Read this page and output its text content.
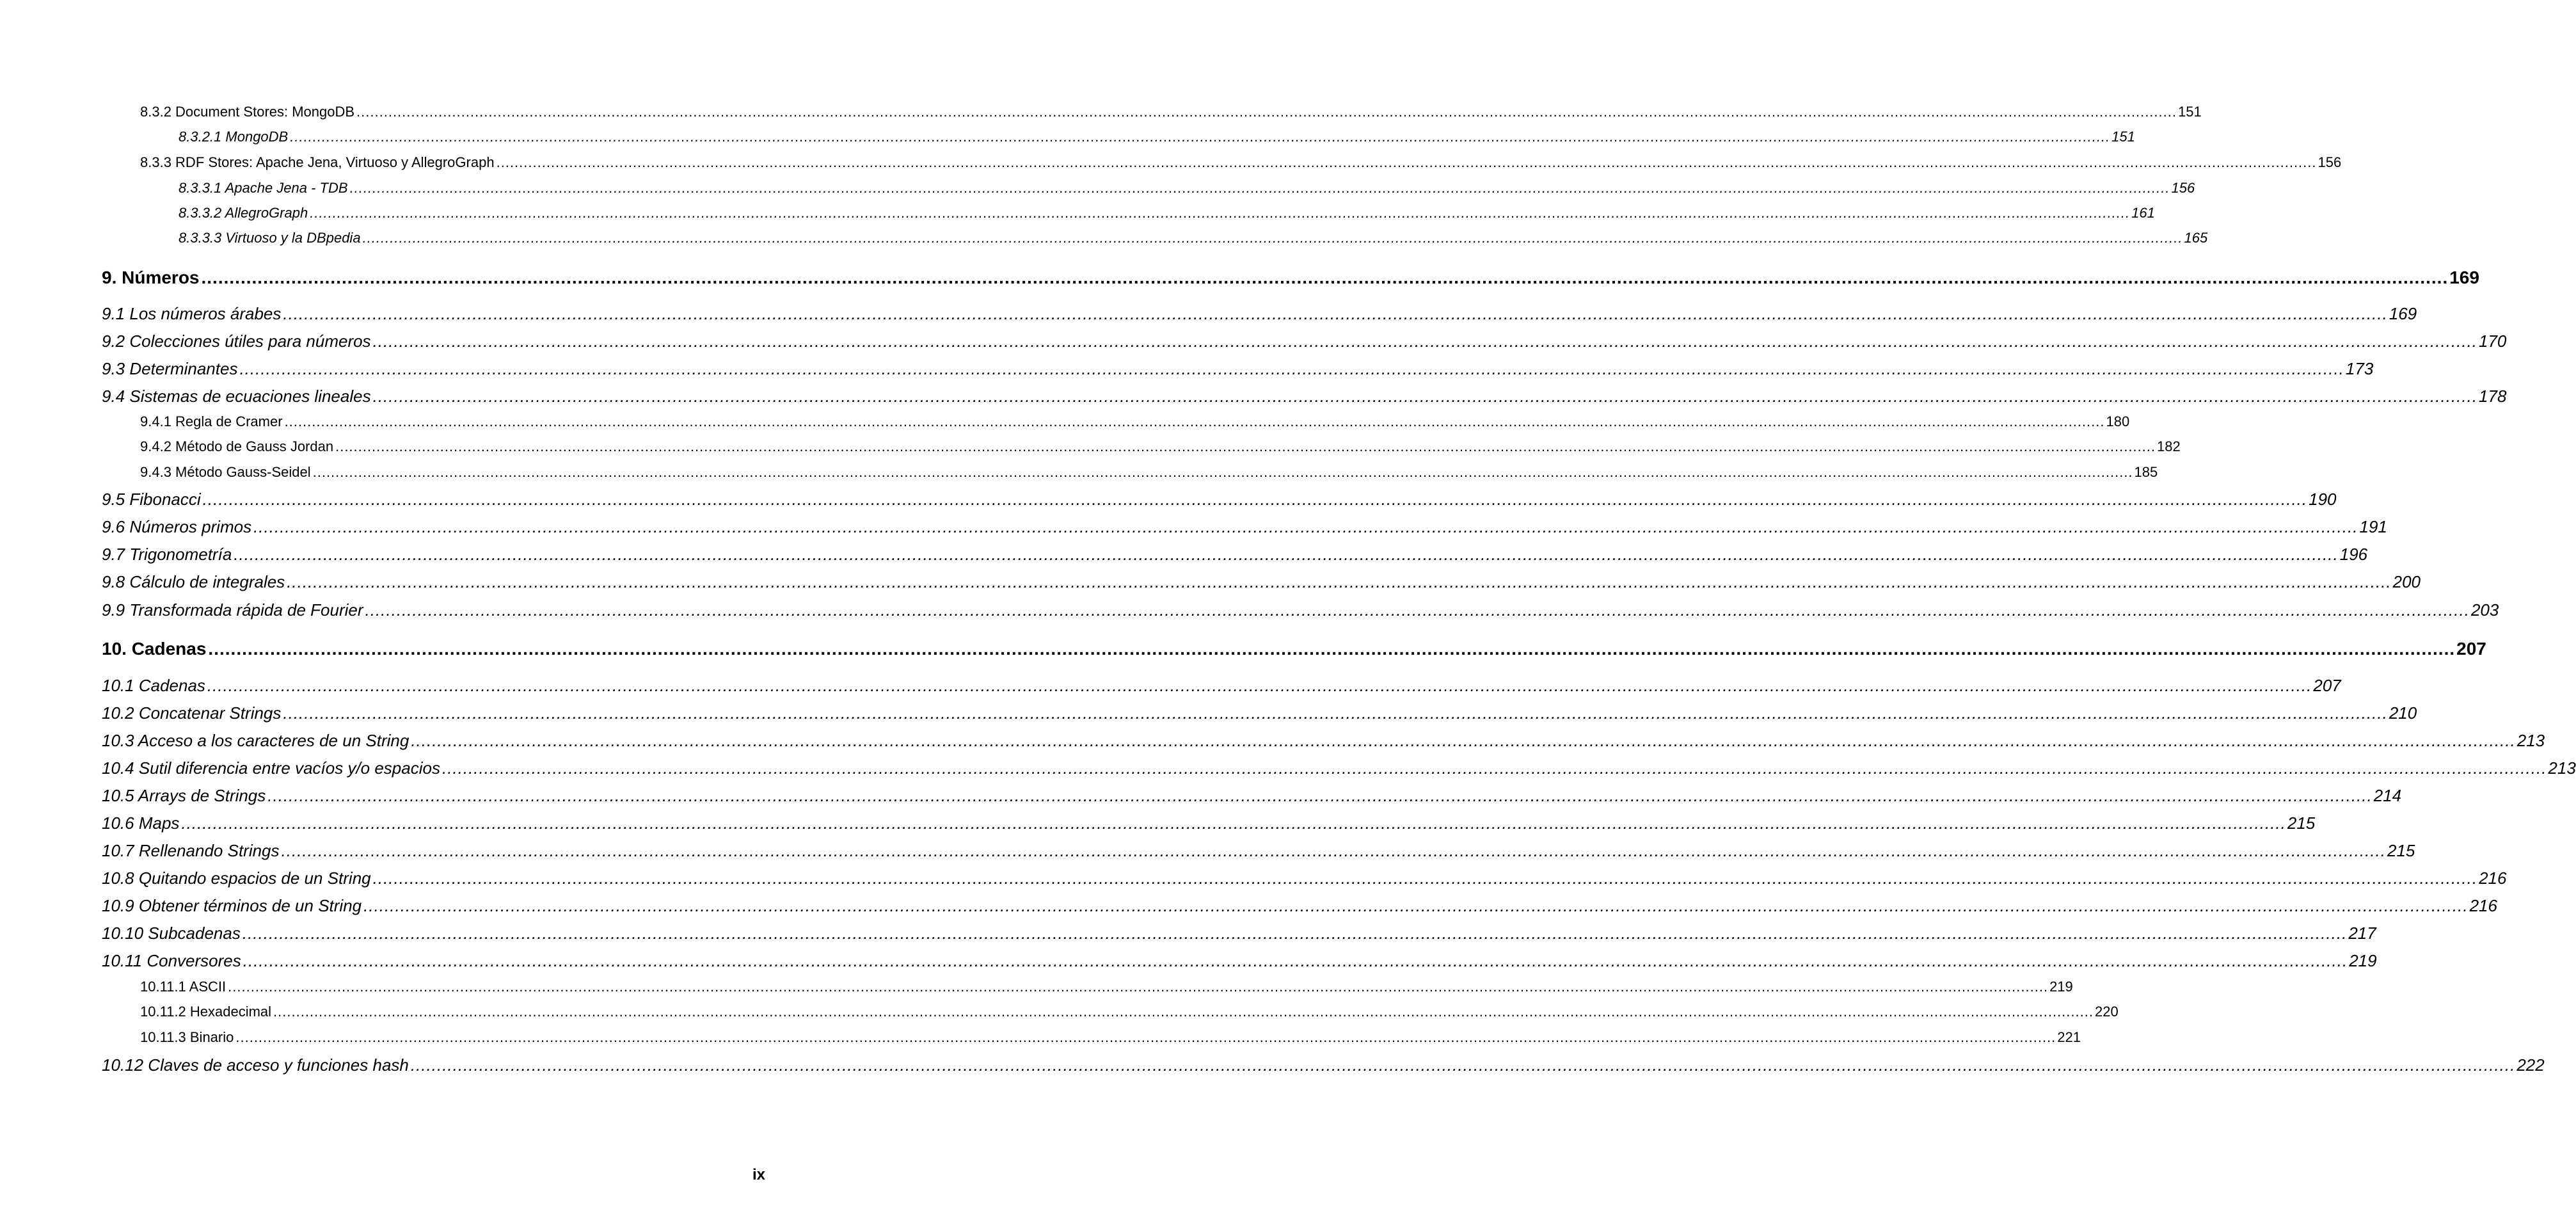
8.3.2 Document Stores: MongoDB ................................................................................................................................................................................................................................................................................................................................................................................................................ 151
8.3.2.1 MongoDB ................................................................................................................................................................................................................................................................................................................................................................................................................ 151
8.3.3 RDF Stores: Apache Jena, Virtuoso y AllegroGraph ................................................................................................................................................................................................................................................................................................................................................................................................................ 156
8.3.3.1 Apache Jena - TDB ................................................................................................................................................................................................................................................................................................................................................................................................................ 156
8.3.3.2 AllegroGraph ................................................................................................................................................................................................................................................................................................................................................................................................................ 161
8.3.3.3 Virtuoso y la DBpedia ................................................................................................................................................................................................................................................................................................................................................................................................................ 165
9. Números ................................................................................................................................................................................................................................................................................................................................................................................................................ 169
9.1 Los números árabes ................................................................................................................................................................................................................................................................................................................................................................................................................ 169
9.2 Colecciones útiles para números ................................................................................................................................................................................................................................................................................................................................................................................................................ 170
9.3 Determinantes ................................................................................................................................................................................................................................................................................................................................................................................................................ 173
9.4 Sistemas de ecuaciones lineales ................................................................................................................................................................................................................................................................................................................................................................................................................ 178
9.4.1 Regla de Cramer ................................................................................................................................................................................................................................................................................................................................................................................................................ 180
9.4.2 Método de Gauss Jordan ................................................................................................................................................................................................................................................................................................................................................................................................................ 182
9.4.3 Método Gauss-Seidel ................................................................................................................................................................................................................................................................................................................................................................................................................ 185
9.5 Fibonacci ................................................................................................................................................................................................................................................................................................................................................................................................................ 190
9.6 Números primos ................................................................................................................................................................................................................................................................................................................................................................................................................ 191
9.7 Trigonometría ................................................................................................................................................................................................................................................................................................................................................................................................................ 196
9.8 Cálculo de integrales ................................................................................................................................................................................................................................................................................................................................................................................................................ 200
9.9 Transformada rápida de Fourier ................................................................................................................................................................................................................................................................................................................................................................................................................ 203
10. Cadenas ................................................................................................................................................................................................................................................................................................................................................................................................................ 207
10.1 Cadenas ................................................................................................................................................................................................................................................................................................................................................................................................................ 207
10.2 Concatenar Strings ................................................................................................................................................................................................................................................................................................................................................................................................................ 210
10.3 Acceso a los caracteres de un String ................................................................................................................................................................................................................................................................................................................................................................................................................ 213
10.4 Sutil diferencia entre vacíos y/o espacios ................................................................................................................................................................................................................................................................................................................................................................................................................ 213
10.5 Arrays de Strings ................................................................................................................................................................................................................................................................................................................................................................................................................ 214
10.6 Maps ................................................................................................................................................................................................................................................................................................................................................................................................................ 215
10.7 Rellenando Strings ................................................................................................................................................................................................................................................................................................................................................................................................................ 215
10.8 Quitando espacios de un String ................................................................................................................................................................................................................................................................................................................................................................................................................ 216
10.9 Obtener términos de un String ................................................................................................................................................................................................................................................................................................................................................................................................................ 216
10.10 Subcadenas ................................................................................................................................................................................................................................................................................................................................................................................................................ 217
10.11 Conversores ................................................................................................................................................................................................................................................................................................................................................................................................................ 219
10.11.1 ASCII ................................................................................................................................................................................................................................................................................................................................................................................................................ 219
10.11.2 Hexadecimal ................................................................................................................................................................................................................................................................................................................................................................................................................ 220
10.11.3 Binario ................................................................................................................................................................................................................................................................................................................................................................................................................ 221
10.12 Claves de acceso y funciones hash ................................................................................................................................................................................................................................................................................................................................................................................................................ 222
ix
